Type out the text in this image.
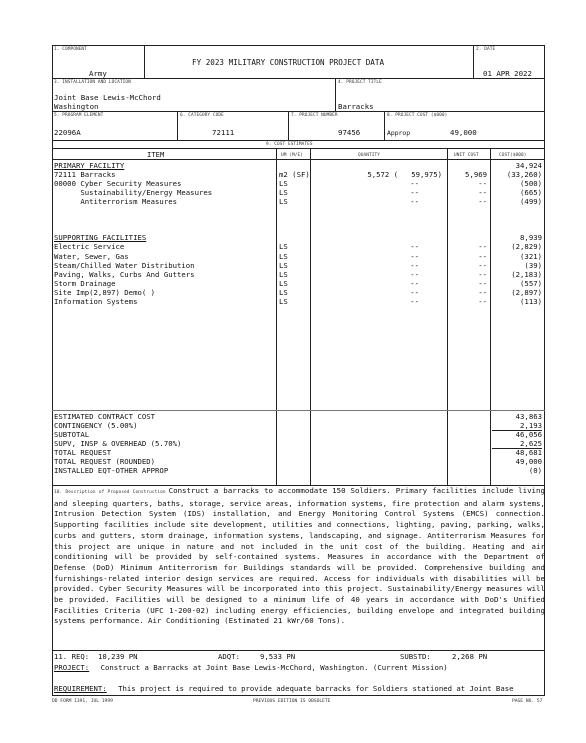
1. COMPONENT
Army
FY 2023 MILITARY CONSTRUCTION PROJECT DATA
2. DATE
01 APR 2022
3. INSTALLATION AND LOCATION
Joint Base Lewis-McChord
Washington
4. PROJECT TITLE
Barracks
5. PROGRAM ELEMENT
22096A
6. CATEGORY CODE
72111
7. PROJECT NUMBER
97456
8. PROJECT COST ($000)
Approp	49,000
9. COST ESTIMATES
ITEM	UM (M/E)	QUANTITY	UNIT COST	COST($000)
PRIMARY FACILITY	34,924
72111 Barracks	m2 (SF)	5,572 (   59,975)	5,969	(33,260)
00000 Cyber Security Measures	LS	--	--	(500)
Sustainability/Energy Measures	LS	--	--	(665)
Antiterrorism Measures	LS	--	--	(499)
SUPPORTING FACILITIES	8,939
Electric Service	LS	--	--	(2,829)
Water, Sewer, Gas	LS	--	--	(321)
Steam/Chilled Water Distribution	LS	--	--	(39)
Paving, Walks, Curbs And Gutters	LS	--	--	(2,183)
Storm Drainage	LS	--	--	(557)
Site Imp(2,897) Demo( )	LS	--	--	(2,897)
Information Systems	LS	--	--	(113)
ESTIMATED CONTRACT COST	43,863
CONTINGENCY (5.00%)	2,193
SUBTOTAL	46,056
SUPV, INSP & OVERHEAD (5.70%)	2,625
TOTAL REQUEST	48,681
TOTAL REQUEST (ROUNDED)	49,000
INSTALLED EQT-OTHER APPROP	(0)
10. Description of Proposed Construction Construct a barracks to accommodate 150 Soldiers. Primary facilities include living and sleeping quarters, baths, storage, service areas, information systems, fire protection and alarm systems, Intrusion Detection System (IDS) installation, and Energy Monitoring Control Systems (EMCS) connection. Supporting facilities include site development, utilities and connections, lighting, paving, parking, walks, curbs and gutters, storm drainage, information systems, landscaping, and signage. Antiterrorism Measures for this project are unique in nature and not included in the unit cost of the building. Heating and air conditioning will be provided by self-contained systems. Measures in accordance with the Department of Defense (DoD) Minimum Antiterrorism for Buildings standards will be provided. Comprehensive building and furnishings-related interior design services are required. Access for individuals with disabilities will be provided. Cyber Security Measures will be incorporated into this project. Sustainability/Energy measures will be provided. Facilities will be designed to a minimum life of 40 years in accordance with DoD's Unified Facilities Criteria (UFC 1-200-02) including energy efficiencies, building envelope and integrated building systems performance. Air Conditioning (Estimated 21 kWr/60 Tons).
11. REQ: 10,239 PN	ADQT:	9,533 PN	SUBSTD:	2,268 PN
PROJECT: Construct a Barracks at Joint Base Lewis-McChord, Washington. (Current Mission)
REQUIREMENT: This project is required to provide adequate barracks for Soldiers stationed at Joint Base
DD FORM 1391, JUL 1999	PREVIOUS EDITION IS OBSOLETE	PAGE NO. 57
